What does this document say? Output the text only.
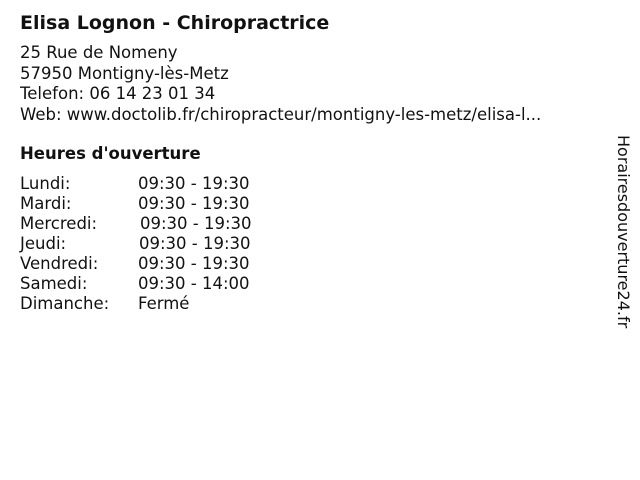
Elisa Lognon - Chiropractrice
25 Rue de Nomeny
57950 Montigny-lès-Metz
Telefon: 06 14 23 01 34
Web: www.doctolib.fr/chiropracteur/montigny-les-metz/elisa-l...
Heures d'ouverture
Lundi:	09:30 - 19:30
Mardi:	09:30 - 19:30
Mercredi:	09:30 - 19:30
Jeudi:	09:30 - 19:30
Vendredi: 09:30 - 19:30
Samedi:	09:30 - 14:00
Dimanche: Fermé	Horairesdouverture24.fr
